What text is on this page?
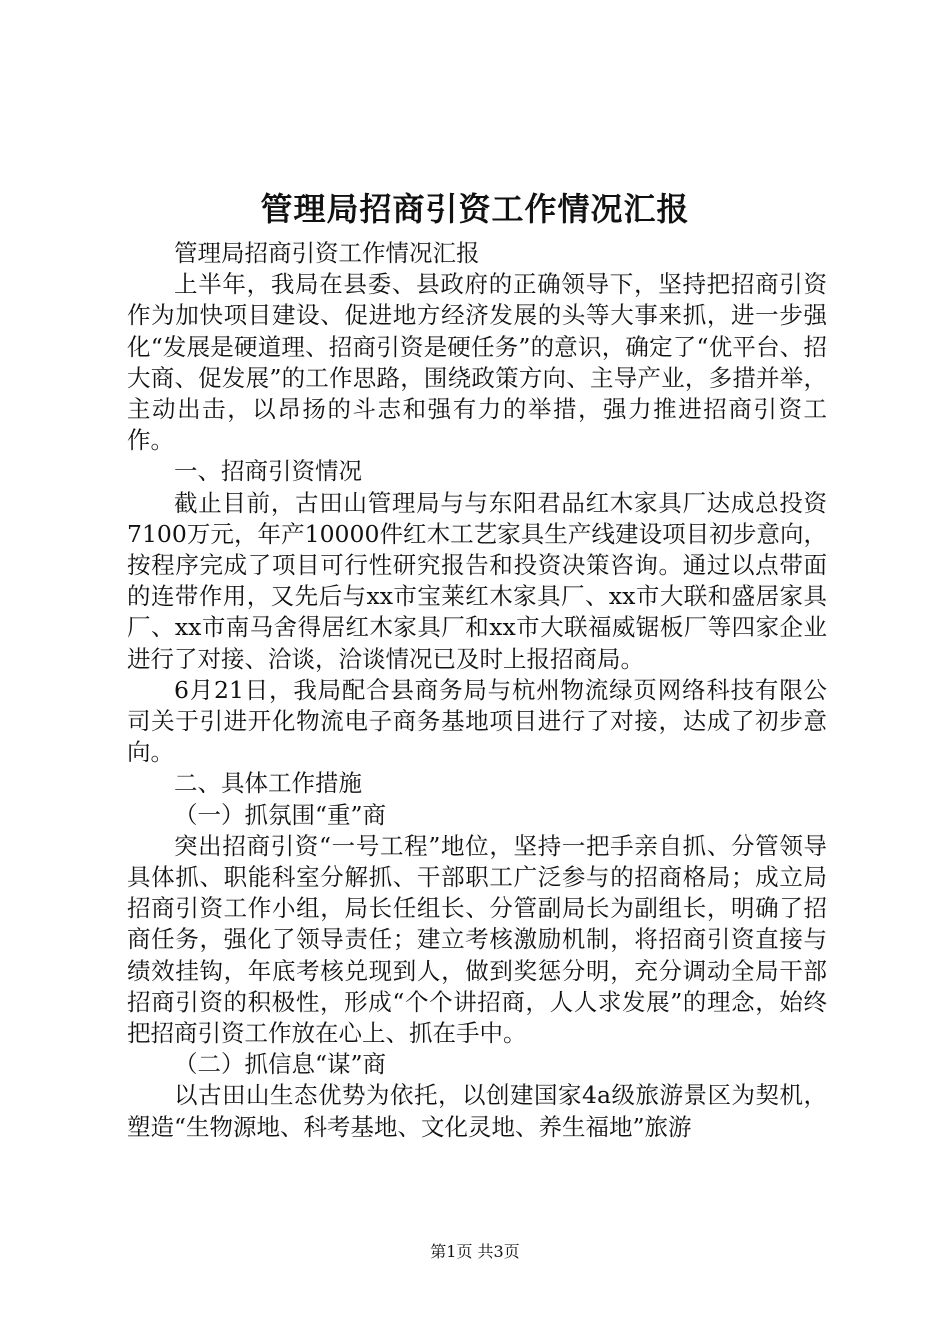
管理局招商引资工作情况汇报

管理局招商引资工作情况汇报

上半年，我局在县委、县政府的正确领导下，坚持把招商引资作为加快项目建设、促进地方经济发展的头等大事来抓，进一步强化“发展是硬道理、招商引资是硬任务”的意识，确定了“优平台、招大商、促发展”的工作思路，围绕政策方向、主导产业，多措并举，主动出击，以昂扬的斗志和强有力的举措，强力推进招商引资工作。

一、招商引资情况

截止目前，古田山管理局与与东阳君品红木家具厂达成总投资7100万元，年产10000件红木工艺家具生产线建设项目初步意向，按程序完成了项目可行性研究报告和投资决策咨询。通过以点带面的连带作用，又先后与xx市宝莱红木家具厂、xx市大联和盛居家具厂、xx市南马舍得居红木家具厂和xx市大联福威锯板厂等四家企业进行了对接、洽谈，洽谈情况已及时上报招商局。

6月21日，我局配合县商务局与杭州物流绿页网络科技有限公司关于引进开化物流电子商务基地项目进行了对接，达成了初步意向。

二、具体工作措施

（一）抓氛围“重”商

突出招商引资“一号工程”地位，坚持一把手亲自抓、分管领导具体抓、职能科室分解抓、干部职工广泛参与的招商格局；成立局招商引资工作小组，局长任组长、分管副局长为副组长，明确了招商任务，强化了领导责任；建立考核激励机制，将招商引资直接与绩效挂钩，年底考核兑现到人，做到奖惩分明，充分调动全局干部招商引资的积极性，形成“个个讲招商，人人求发展”的理念，始终把招商引资工作放在心上、抓在手中。

（二）抓信息“谋”商

以古田山生态优势为依托，以创建国家4a级旅游景区为契机，塑造“生物源地、科考基地、文化灵地、养生福地”旅游

第1页 共3页
